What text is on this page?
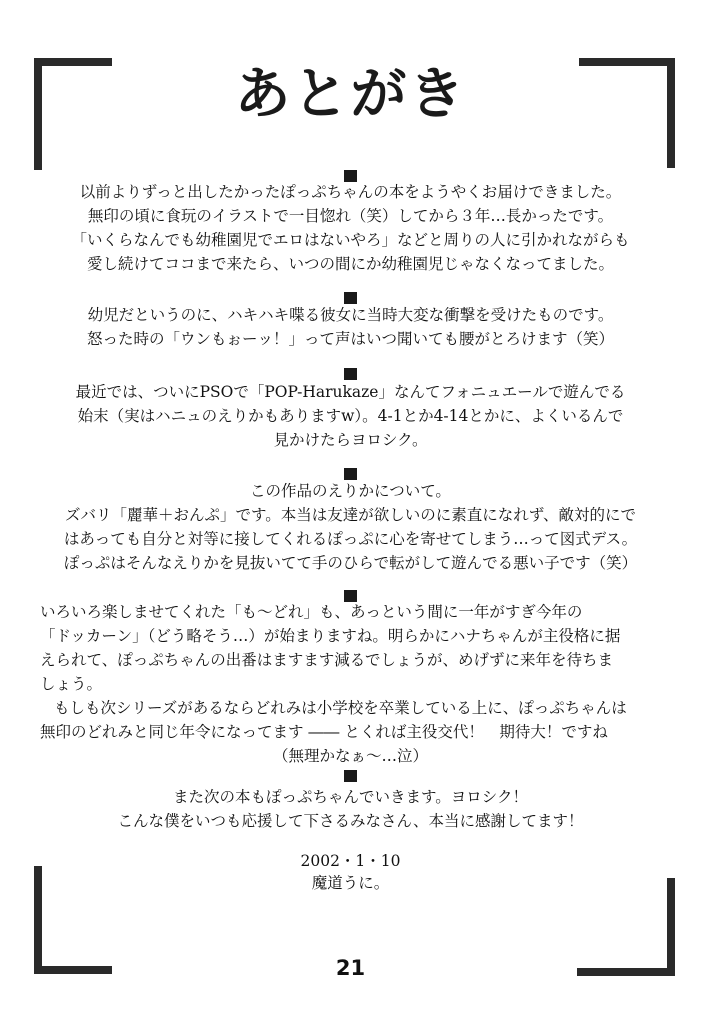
あとがき

以前よりずっと出したかったぽっぷちゃんの本をようやくお届けできました。

無印の頃に食玩のイラストで一目惚れ（笑）してから３年…長かったです。

「いくらなんでも幼稚園児でエロはないやろ」などと周りの人に引かれながらも

愛し続けてココまで来たら、いつの間にか幼稚園児じゃなくなってました。

幼児だというのに、ハキハキ喋る彼女に当時大変な衝撃を受けたものです。

怒った時の「ウンもぉーッ！」って声はいつ聞いても腰がとろけます（笑）

最近では、ついにPSOで「POP-Harukaze」なんてフォニュエールで遊んでる

始末（実はハニュのえりかもありますw）。4-1とか4-14とかに、よくいるんで

見かけたらヨロシク。

この作品のえりかについて。

ズバリ「麗華＋おんぷ」です。本当は友達が欲しいのに素直になれず、敵対的にで

はあっても自分と対等に接してくれるぽっぷに心を寄せてしまう…って図式デス。

ぽっぷはそんなえりかを見抜いてて手のひらで転がして遊んでる悪い子です（笑）

いろいろ楽しませてくれた「も～どれ」も、あっという間に一年がすぎ今年の

「ドッカーン」（どう略そう…）が始まりますね。明らかにハナちゃんが主役格に据

えられて、ぽっぷちゃんの出番はますます減るでしょうが、めげずに来年を待ちま

しょう。

もしも次シリーズがあるならどれみは小学校を卒業している上に、ぽっぷちゃんは

無印のどれみと同じ年令になってます ―― とくれば主役交代！　期待大！ですね

（無理かなぁ～…泣）

また次の本もぽっぷちゃんでいきます。ヨロシク！

こんな僕をいつも応援して下さるみなさん、本当に感謝してます！

2002・1・10
魔道うに。
21
